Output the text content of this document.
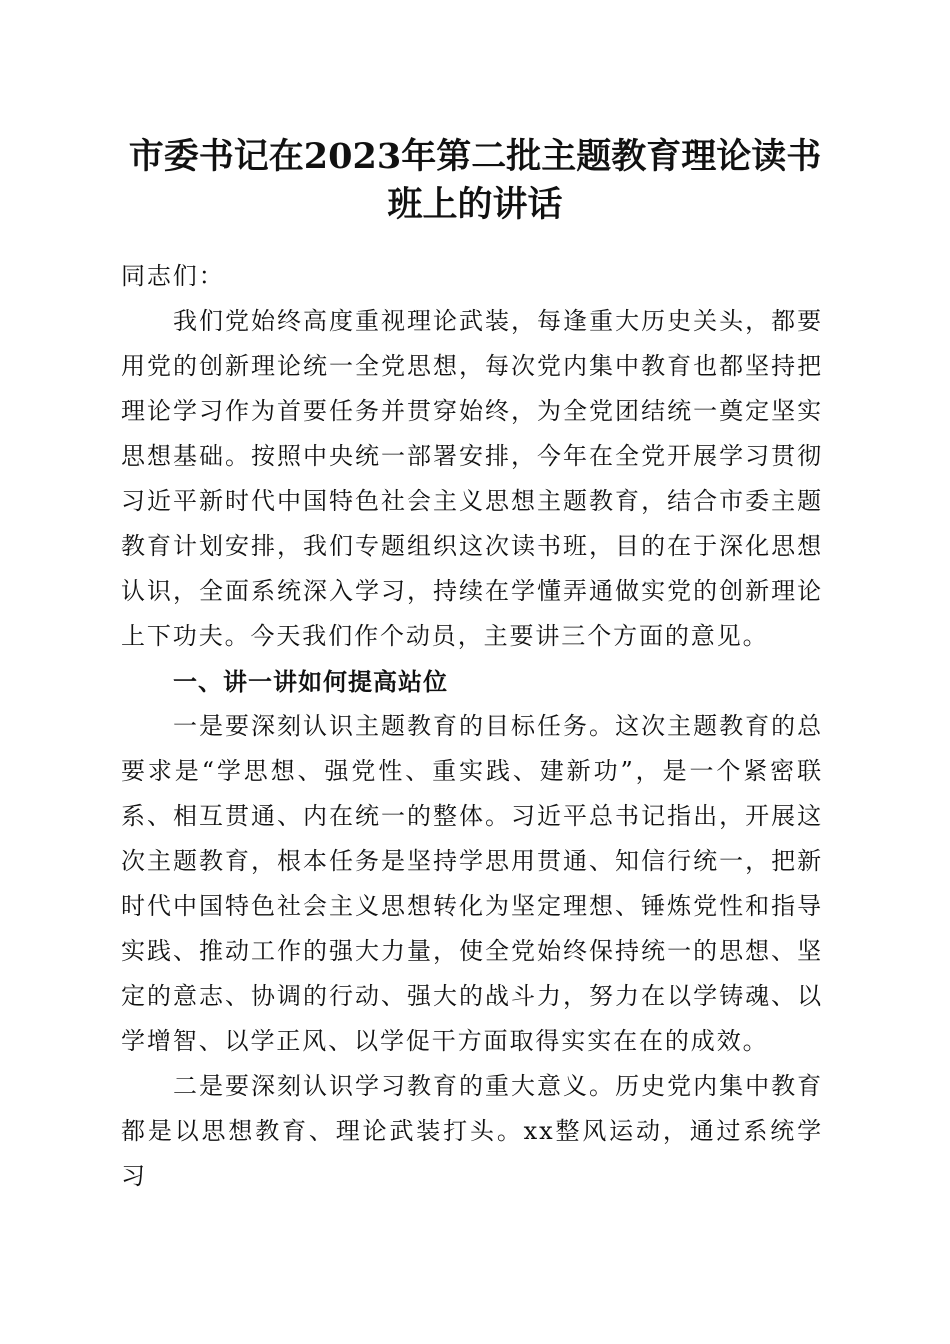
市委书记在2023年第二批主题教育理论读书
班上的讲话

同志们：

我们党始终高度重视理论武装，每逢重大历史关头，都要用党的创新理论统一全党思想，每次党内集中教育也都坚持把理论学习作为首要任务并贯穿始终，为全党团结统一奠定坚实思想基础。按照中央统一部署安排，今年在全党开展学习贯彻习近平新时代中国特色社会主义思想主题教育，结合市委主题教育计划安排，我们专题组织这次读书班，目的在于深化思想认识，全面系统深入学习，持续在学懂弄通做实党的创新理论上下功夫。今天我们作个动员，主要讲三个方面的意见。

一、讲一讲如何提高站位

一是要深刻认识主题教育的目标任务。这次主题教育的总要求是“学思想、强党性、重实践、建新功”，是一个紧密联系、相互贯通、内在统一的整体。习近平总书记指出，开展这次主题教育，根本任务是坚持学思用贯通、知信行统一，把新时代中国特色社会主义思想转化为坚定理想、锤炼党性和指导实践、推动工作的强大力量，使全党始终保持统一的思想、坚定的意志、协调的行动、强大的战斗力，努力在以学铸魂、以学增智、以学正风、以学促干方面取得实实在在的成效。

二是要深刻认识学习教育的重大意义。历史党内集中教育都是以思想教育、理论武装打头。xx整风运动，通过系统学习
